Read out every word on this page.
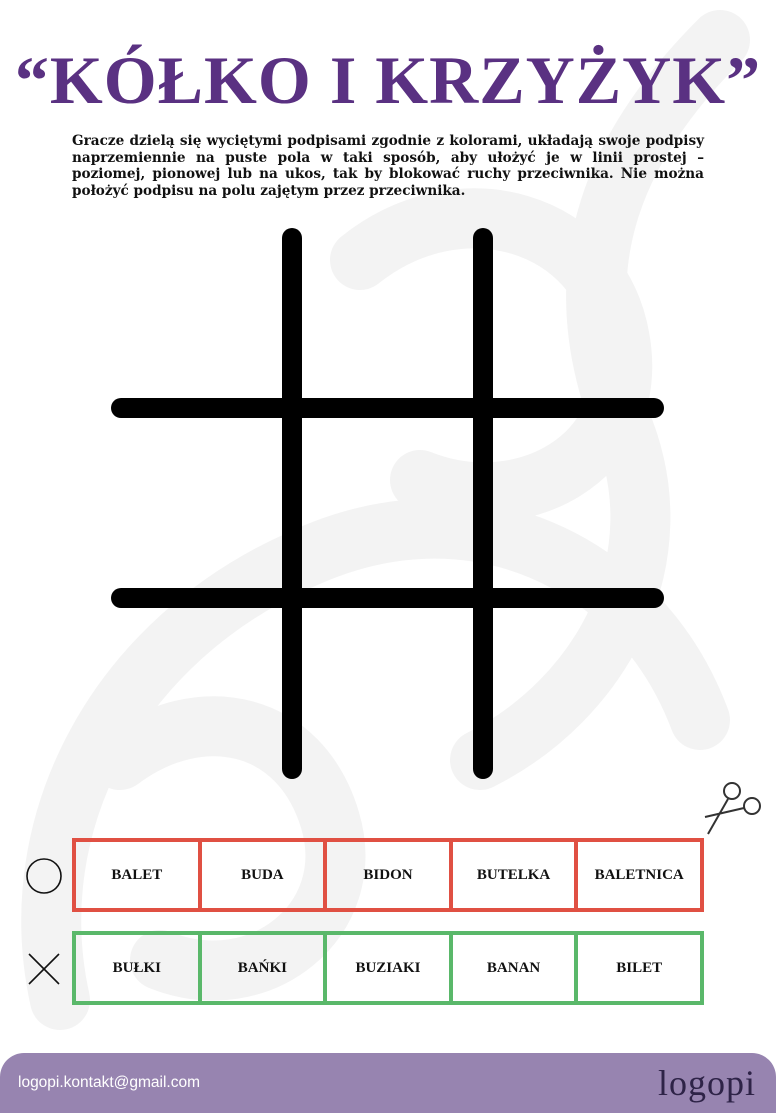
“KÓŁKO I KRZYŻYK”

Gracze dzielą się wyciętymi podpisami zgodnie z kolorami, układają swoje podpisy naprzemiennie na puste pola w taki sposób, aby ułożyć je w linii prostej – poziomej, pionowej lub na ukos, tak by blokować ruchy przeciwnika. Nie można położyć podpisu na polu zajętym przez przeciwnika.

BALET	BUDA	BIDON	BUTELKA	BALETNICA
BUŁKI	BAŃKI	BUZIAKI	BANAN	BILET
logopi.kontakt@gmail.com	logopi
